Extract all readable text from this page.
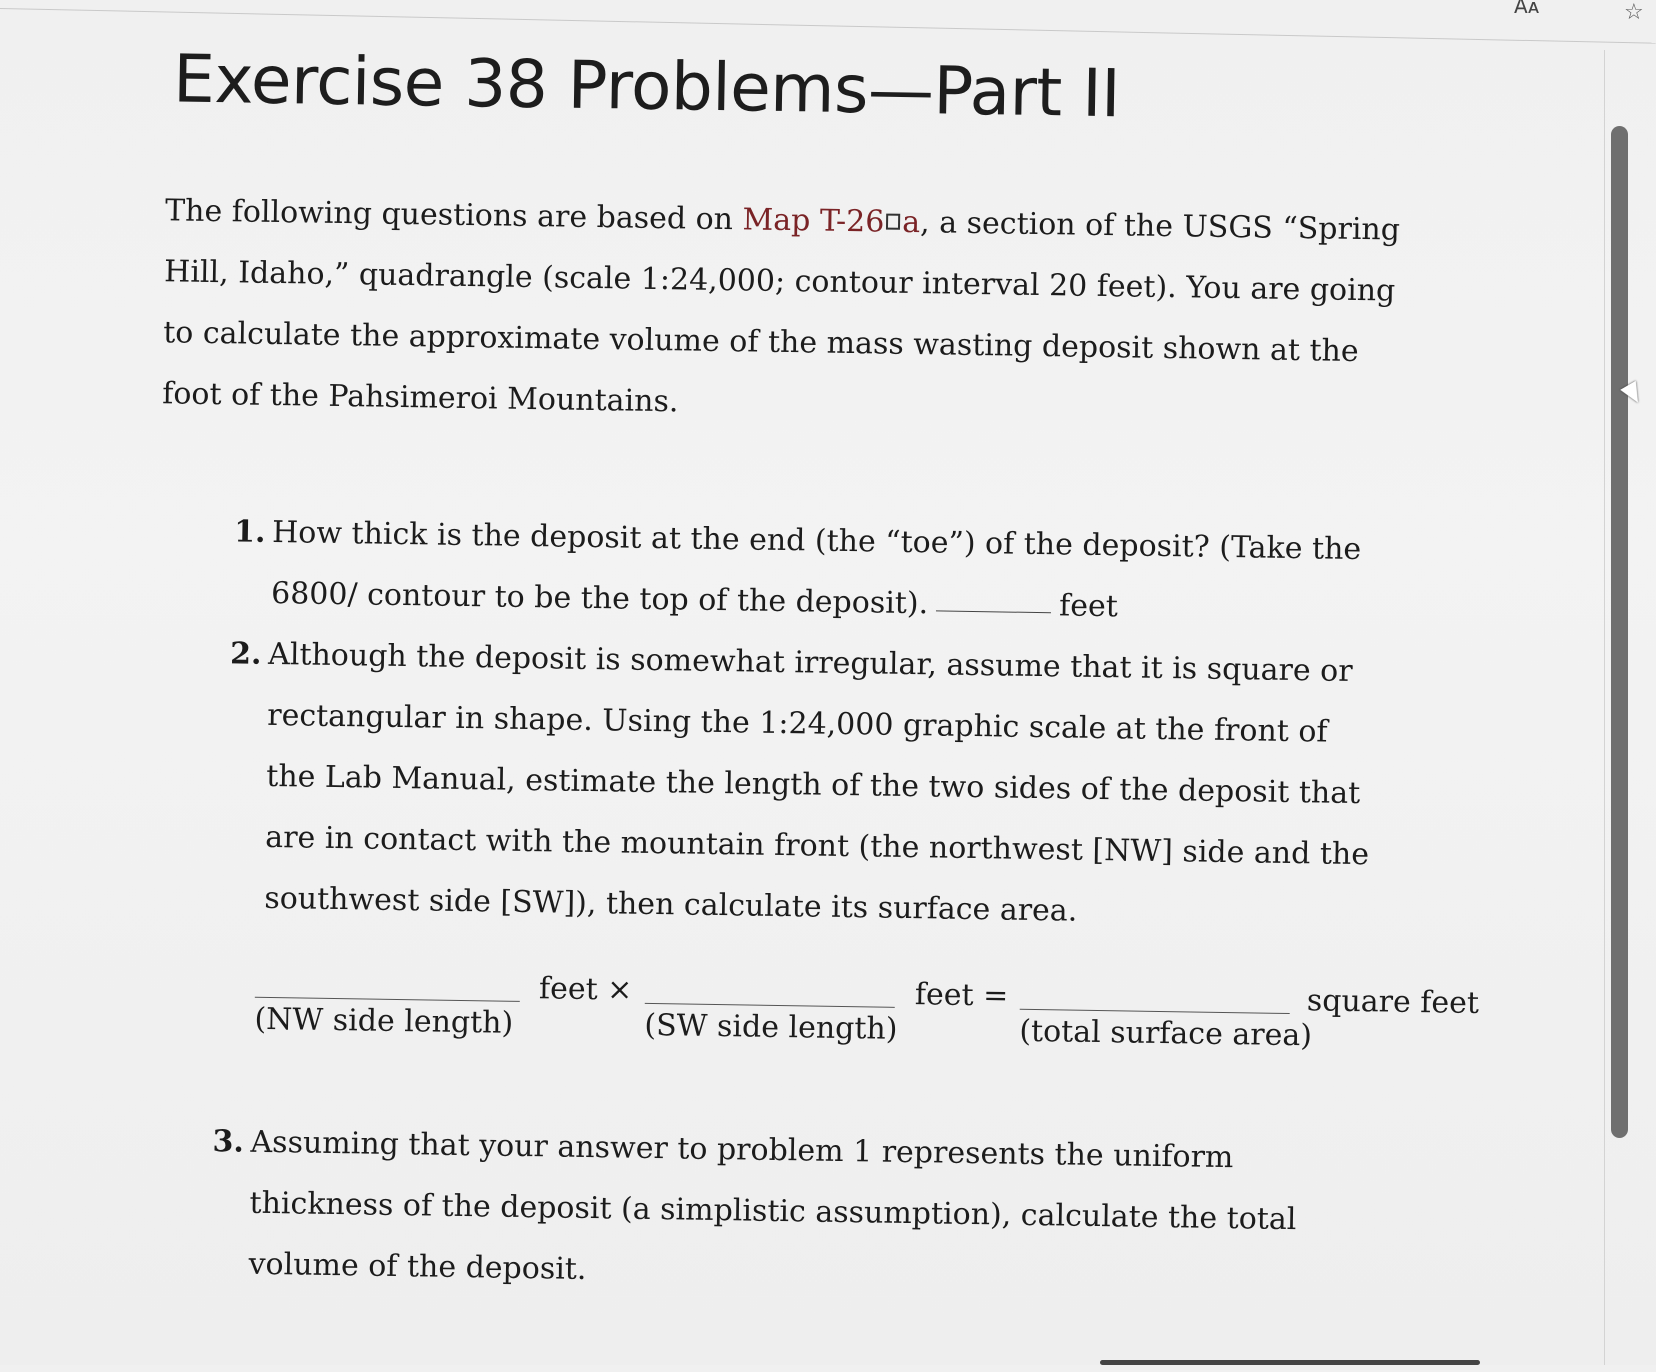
Aᴀ	☆
Exercise 38 Problems—Part II

The following questions are based on Map T-26 a, a section of the USGS “Spring Hill, Idaho,” quadrangle (scale 1:24,000; contour interval 20 feet). You are going to calculate the approximate volume of the mass wasting deposit shown at the foot of the Pahsimeroi Mountains.

1. How thick is the deposit at the end (the “toe”) of the deposit? (Take the 6800/ contour to be the top of the deposit).	feet
2. Although the deposit is somewhat irregular, assume that it is square or rectangular in shape. Using the 1:24,000 graphic scale at the front of the Lab Manual, estimate the length of the two sides of the deposit that are in contact with the mountain front (the northwest [NW] side and the southwest side [SW]), then calculate its surface area.
(NW side length)
feet ×
(SW side length)
feet =
(total surface area)
square feet
3. Assuming that your answer to problem 1 represents the uniform thickness of the deposit (a simplistic assumption), calculate the total volume of the deposit.
